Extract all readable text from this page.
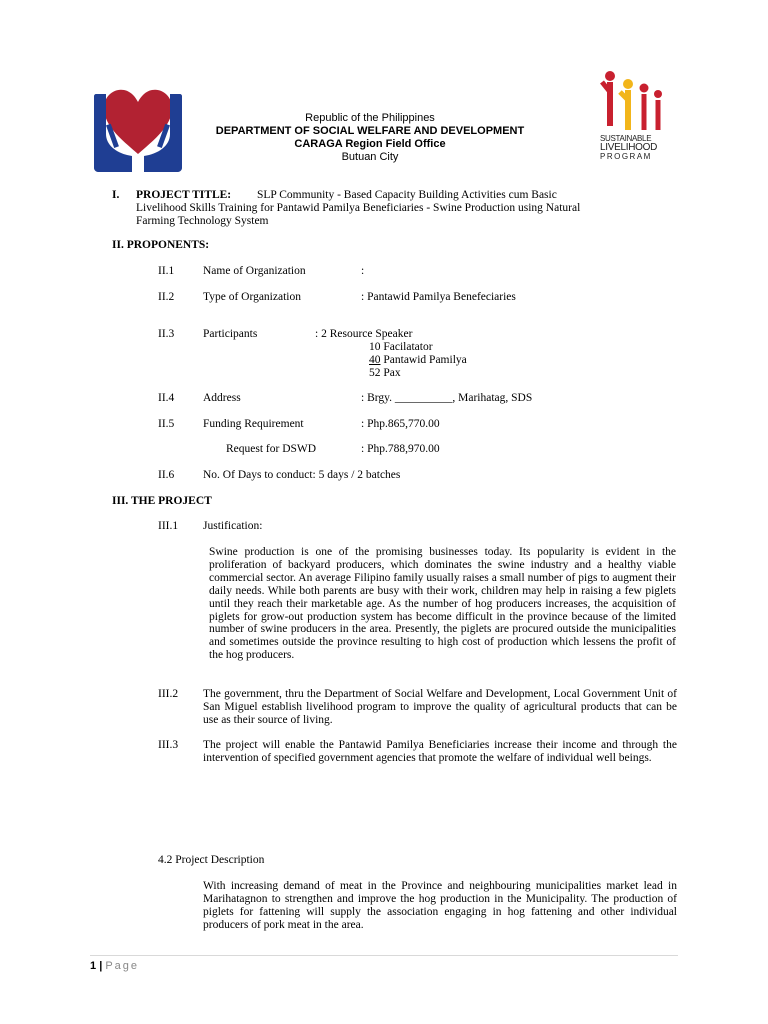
Republic of the Philippines
DEPARTMENT OF SOCIAL WELFARE AND DEVELOPMENT
CARAGA Region Field Office
Butuan City
SUSTAINABLE
LIVELIHOOD
PROGRAM
I. PROJECT TITLE: SLP Community - Based Capacity Building Activities cum Basic
Livelihood Skills Training for Pantawid Pamilya Beneficiaries - Swine Production using Natural
Farming Technology System
II. PROPONENTS:
II.1 Name of Organization	:
II.2 Type of Organization	: Pantawid Pamilya Benefeciaries
II.3 Participants	: 2 Resource Speaker
10 Facilatator
40 Pantawid Pamilya
52 Pax
II.4 Address	: Brgy. __________, Marihatag, SDS
II.5 Funding Requirement	: Php.865,770.00
Request for DSWD	: Php.788,970.00
II.6 No. Of Days to conduct: 5 days / 2 batches
III. THE PROJECT
III.1 Justification:
Swine production is one of the promising businesses today. Its popularity is evident in the proliferation of backyard producers, which dominates the swine industry and a healthy viable commercial sector. An average Filipino family usually raises a small number of pigs to augment their daily needs. While both parents are busy with their work, children may help in raising a few piglets until they reach their marketable age. As the number of hog producers increases, the acquisition of piglets for grow-out production system has become difficult in the province because of the limited number of swine producers in the area. Presently, the piglets are procured outside the municipalities and sometimes outside the province resulting to high cost of production which lessens the profit of the hog producers.
III.2 The government, thru the Department of Social Welfare and Development, Local Government Unit of San Miguel establish livelihood program to improve the quality of agricultural products that can be use as their source of living.
III.3 The project will enable the Pantawid Pamilya Beneficiaries increase their income and through the intervention of specified government agencies that promote the welfare of individual well beings.
4.2 Project Description
With increasing demand of meat in the Province and neighbouring municipalities market lead in Marihatagnon to strengthen and improve the hog production in the Municipality. The production of piglets for fattening will supply the association engaging in hog fattening and other individual producers of pork meat in the area.
1 | Page
